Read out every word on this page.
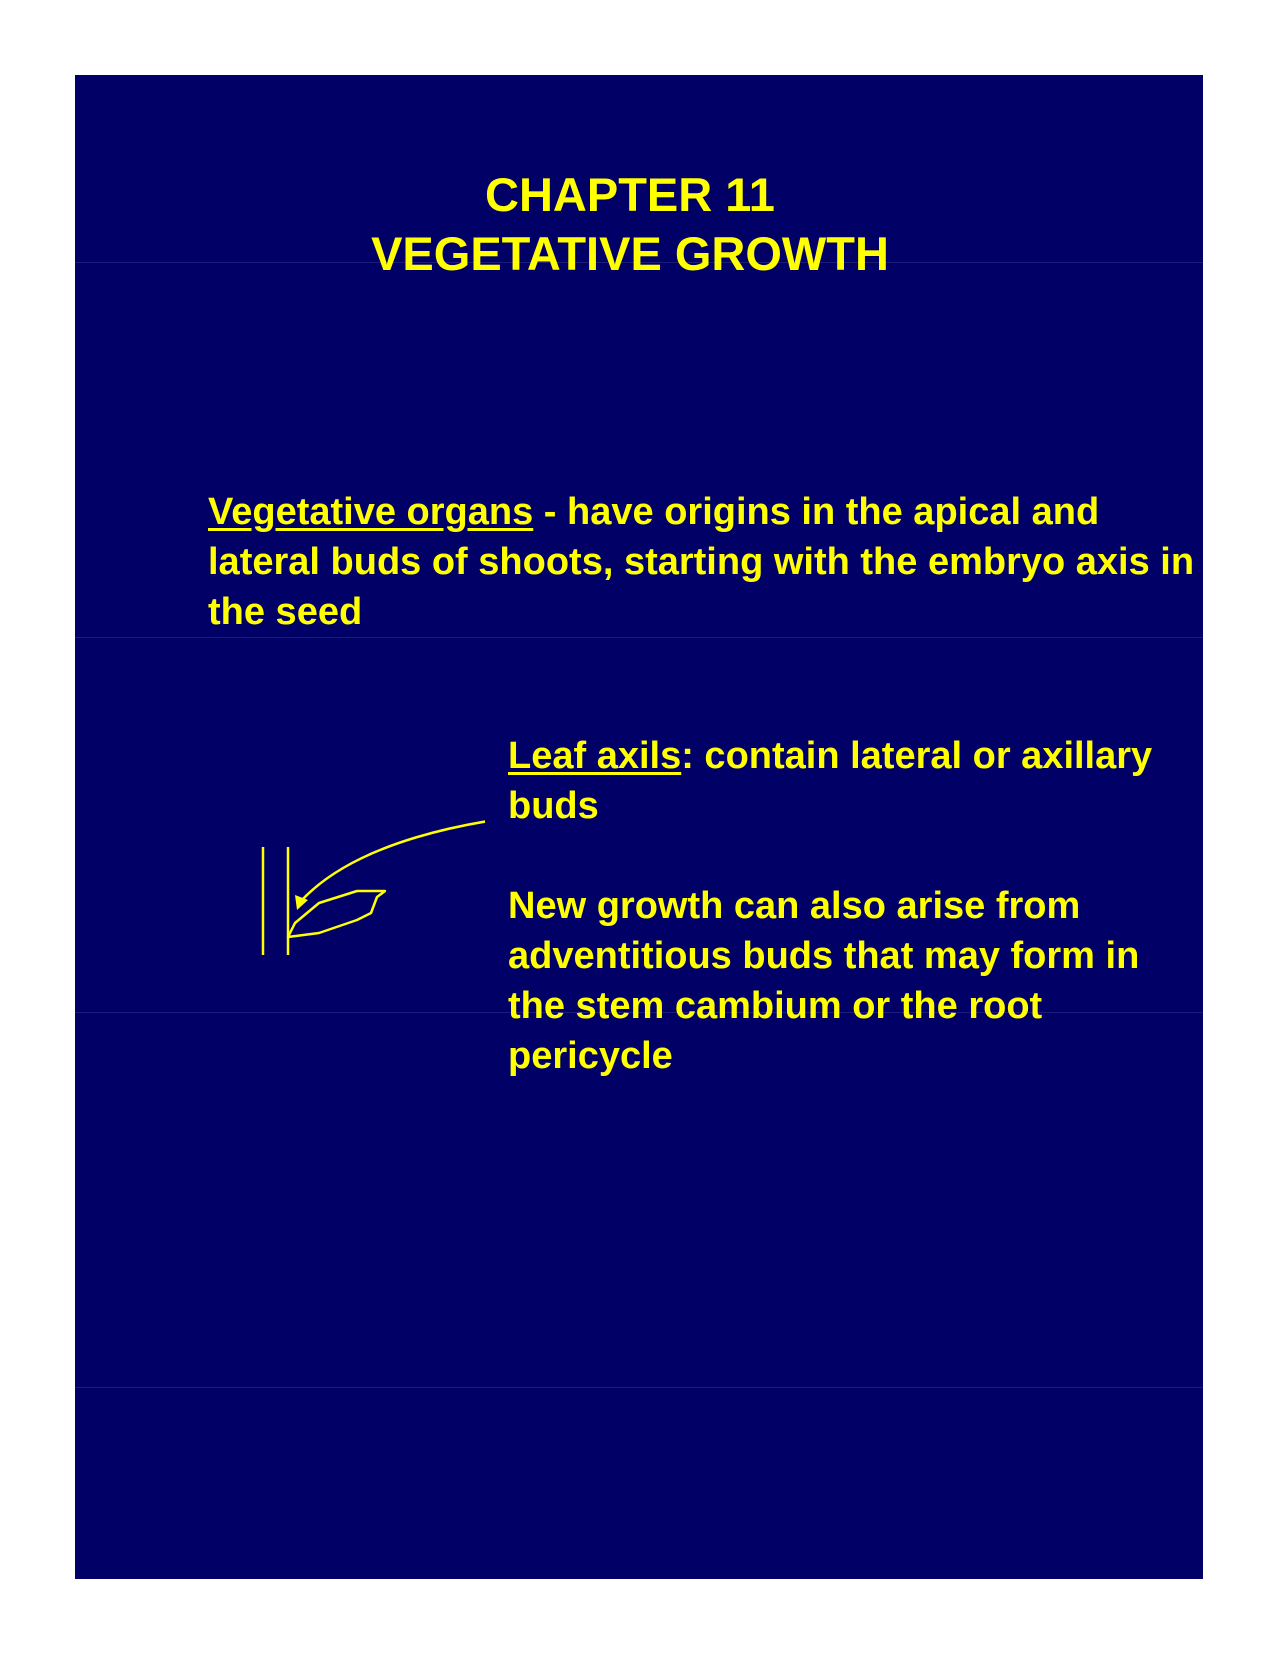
CHAPTER 11
VEGETATIVE GROWTH
Vegetative organs - have origins in the apical and lateral buds of shoots, starting with the embryo axis in the seed
Leaf axils: contain lateral or axillary buds
New growth can also arise from adventitious buds that may form in the stem cambium or the root pericycle
